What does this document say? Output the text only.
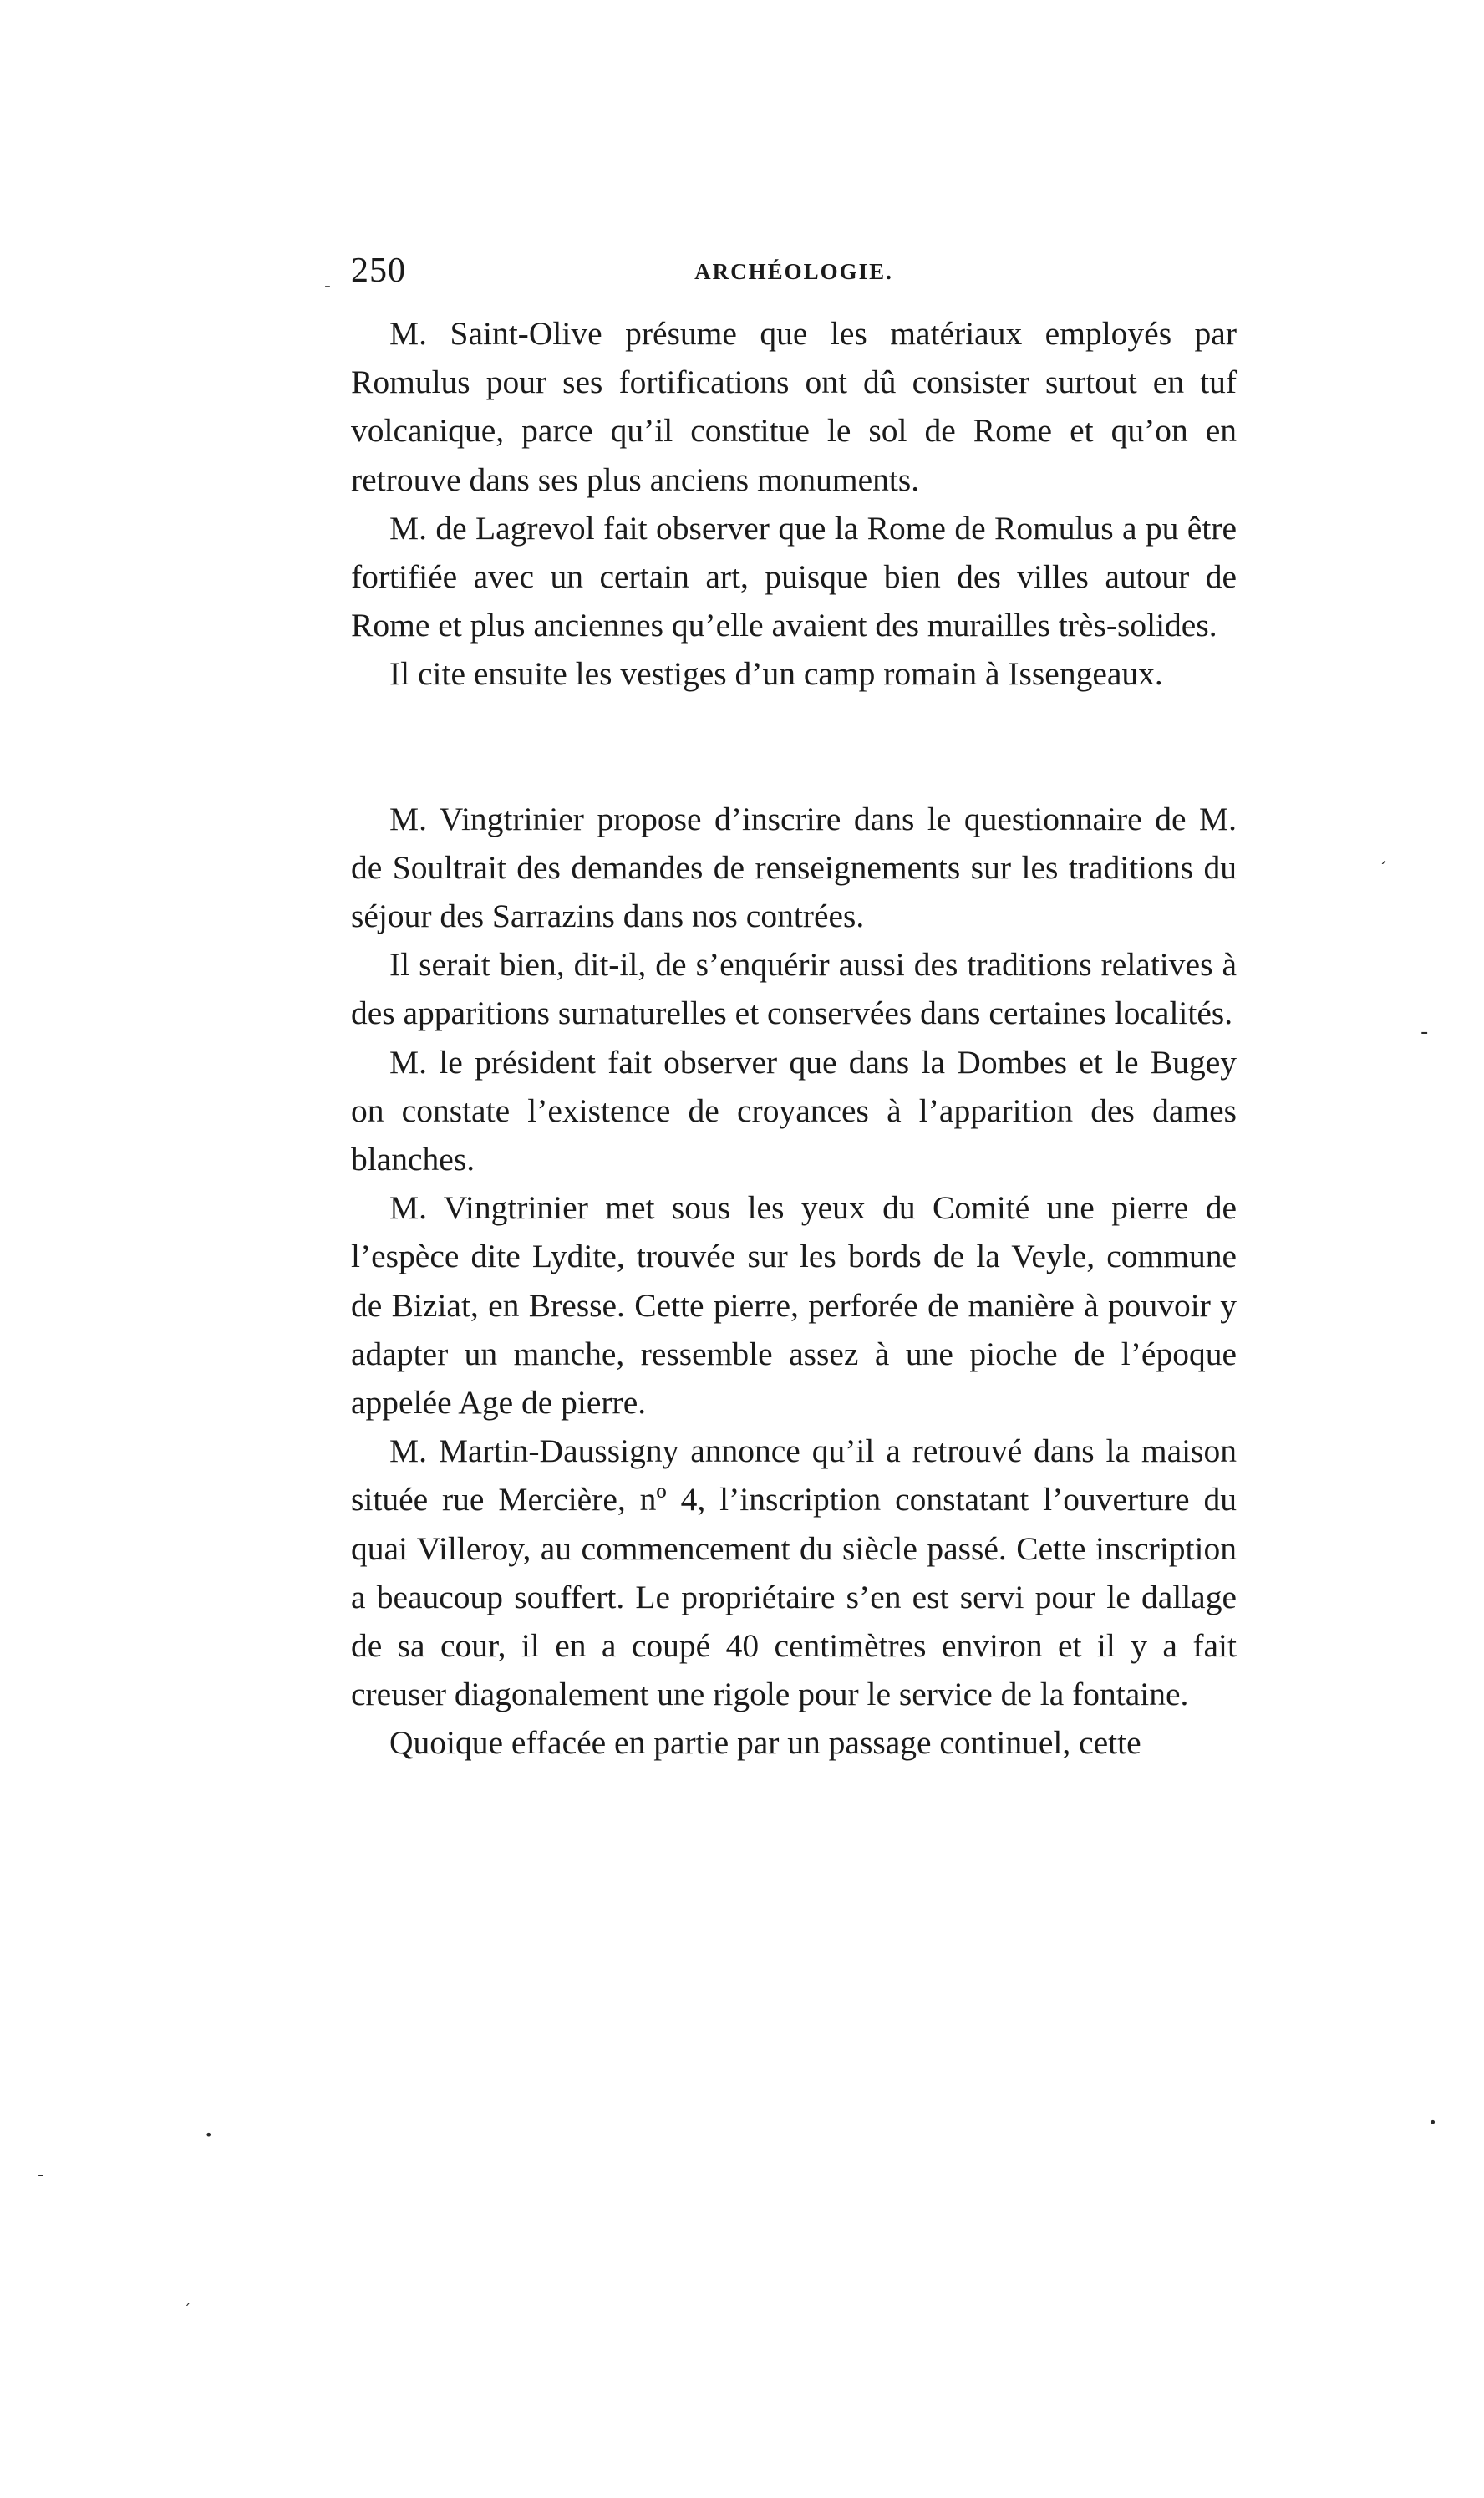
250	ARCHÉOLOGIE.

M. Saint-Olive présume que les matériaux employés par Romulus pour ses fortifications ont dû consister surtout en tuf volcanique, parce qu’il constitue le sol de Rome et qu’on en retrouve dans ses plus anciens monuments.

M. de Lagrevol fait observer que la Rome de Romulus a pu être fortifiée avec un certain art, puisque bien des villes autour de Rome et plus anciennes qu’elle avaient des murailles très-solides.

Il cite ensuite les vestiges d’un camp romain à Issengeaux.

M. Vingtrinier propose d’inscrire dans le questionnaire de M. de Soultrait des demandes de renseignements sur les traditions du séjour des Sarrazins dans nos contrées.

Il serait bien, dit-il, de s’enquérir aussi des traditions relatives à des apparitions surnaturelles et conservées dans certaines localités.

M. le président fait observer que dans la Dombes et le Bugey on constate l’existence de croyances à l’apparition des dames blanches.

M. Vingtrinier met sous les yeux du Comité une pierre de l’espèce dite Lydite, trouvée sur les bords de la Veyle, commune de Biziat, en Bresse. Cette pierre, perforée de manière à pouvoir y adapter un manche, ressemble assez à une pioche de l’époque appelée Age de pierre.

M. Martin-Daussigny annonce qu’il a retrouvé dans la maison située rue Mercière, nº 4, l’inscription constatant l’ouverture du quai Villeroy, au commencement du siècle passé. Cette inscription a beaucoup souffert. Le propriétaire s’en est servi pour le dallage de sa cour, il en a coupé 40 centimètres environ et il y a fait creuser diagonalement une rigole pour le service de la fontaine.

Quoique effacée en partie par un passage continuel, cette

-
ˏ
-
•
•
-
ˏ
